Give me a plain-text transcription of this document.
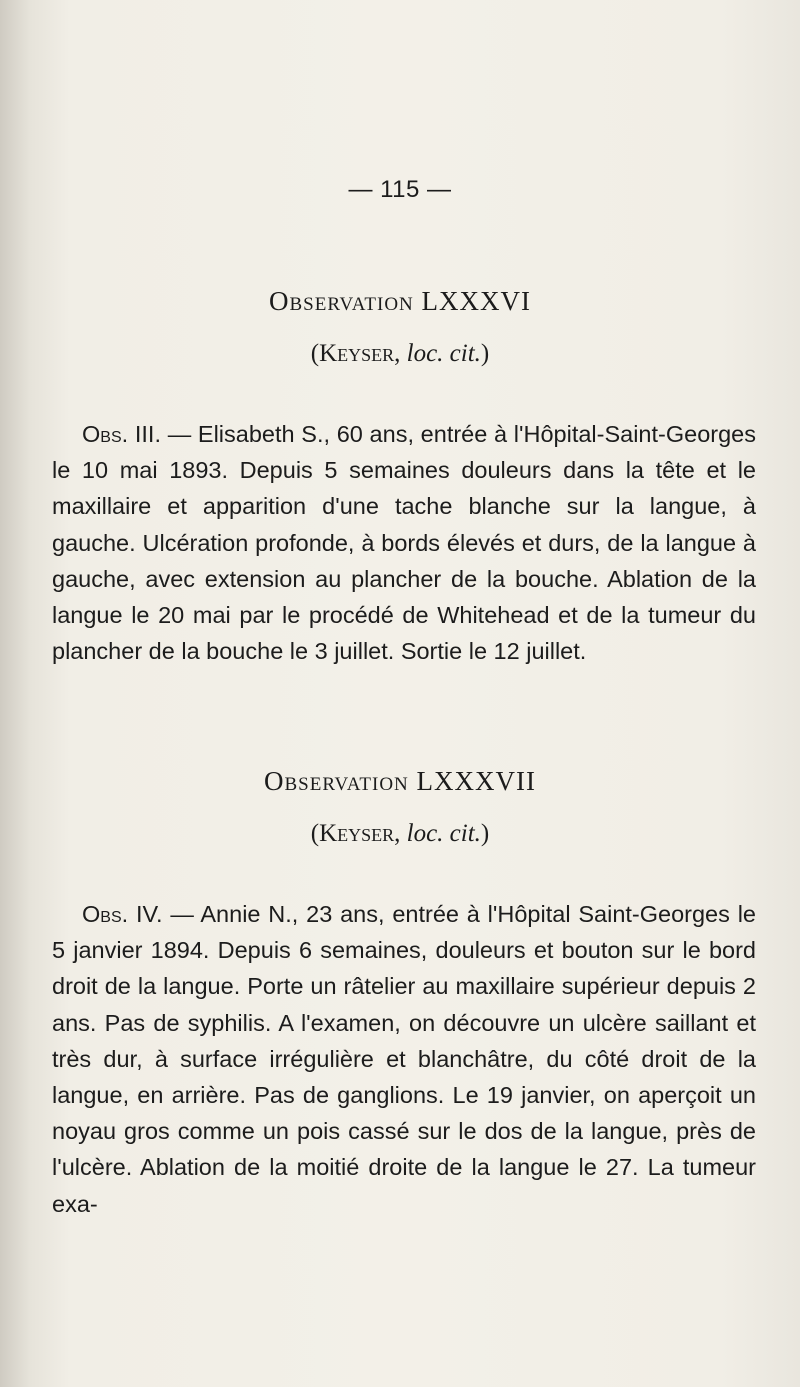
— 115 —
Observation LXXXVI
(Keyser, loc. cit.)

Obs. III. — Elisabeth S., 60 ans, entrée à l'Hôpital-Saint-Georges le 10 mai 1893. Depuis 5 semaines douleurs dans la tête et le maxillaire et apparition d'une tache blanche sur la langue, à gauche. Ulcération profonde, à bords élevés et durs, de la langue à gauche, avec extension au plancher de la bouche. Ablation de la langue le 20 mai par le procédé de Whitehead et de la tumeur du plancher de la bouche le 3 juillet. Sortie le 12 juillet.

Observation LXXXVII
(Keyser, loc. cit.)

Obs. IV. — Annie N., 23 ans, entrée à l'Hôpital Saint-Georges le 5 janvier 1894. Depuis 6 semaines, douleurs et bouton sur le bord droit de la langue. Porte un râtelier au maxillaire supérieur depuis 2 ans. Pas de syphilis. A l'examen, on découvre un ulcère saillant et très dur, à surface irrégulière et blanchâtre, du côté droit de la langue, en arrière. Pas de ganglions. Le 19 janvier, on aperçoit un noyau gros comme un pois cassé sur le dos de la langue, près de l'ulcère. Ablation de la moitié droite de la langue le 27. La tumeur exa-
